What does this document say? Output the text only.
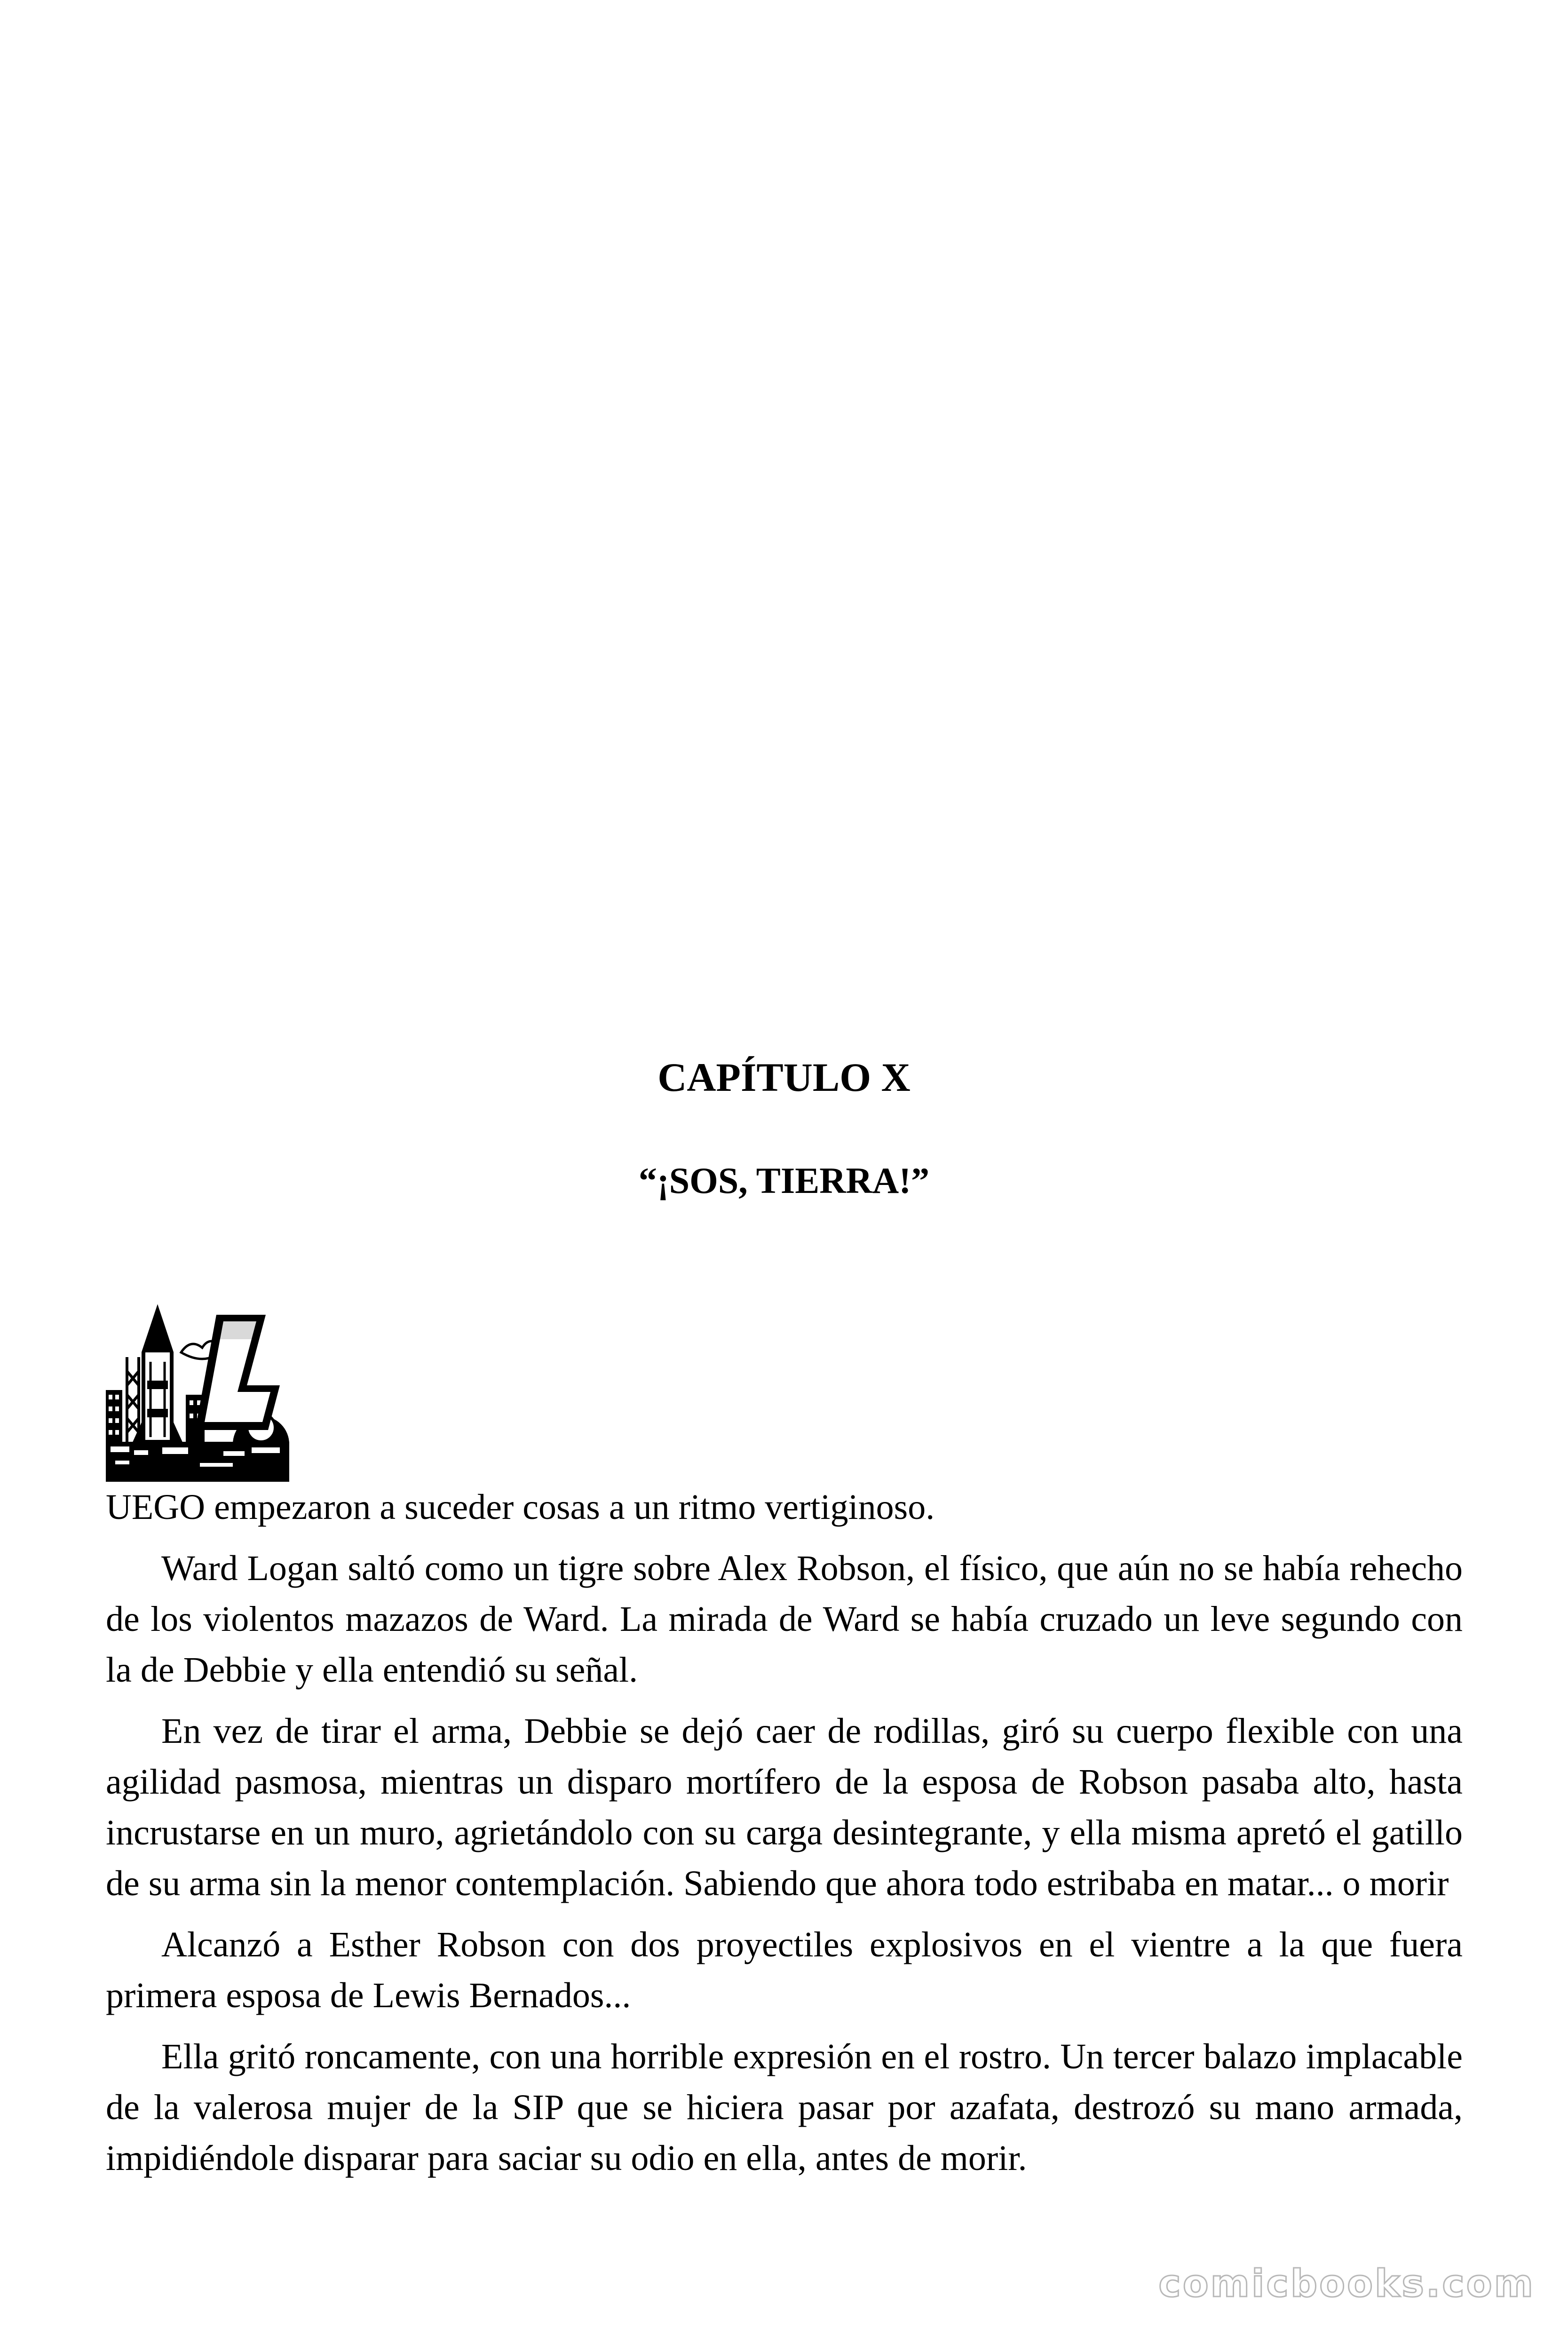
CAPÍTULO X
“¡SOS, TIERRA!”

UEGO empezaron a suceder cosas a un ritmo vertiginoso.

Ward Logan saltó como un tigre sobre Alex Robson, el físico, que aún no se había rehecho de los violentos mazazos de Ward. La mirada de Ward se había cruzado un leve segundo con la de Debbie y ella entendió su señal.

En vez de tirar el arma, Debbie se dejó caer de rodillas, giró su cuerpo flexible con una agilidad pasmosa, mientras un disparo mortífero de la esposa de Robson pasaba alto, hasta incrustarse en un muro, agrietándolo con su carga desintegrante, y ella misma apretó el gatillo de su arma sin la menor contemplación. Sabiendo que ahora todo estribaba en matar... o morir

Alcanzó a Esther Robson con dos proyectiles explosivos en el vientre a la que fuera primera esposa de Lewis Bernados...

Ella gritó roncamente, con una horrible expresión en el rostro. Un tercer balazo implacable de la valerosa mujer de la SIP que se hiciera pasar por azafata, destrozó su mano armada, impidiéndole disparar para saciar su odio en ella, antes de morir.

comicbooks.com
